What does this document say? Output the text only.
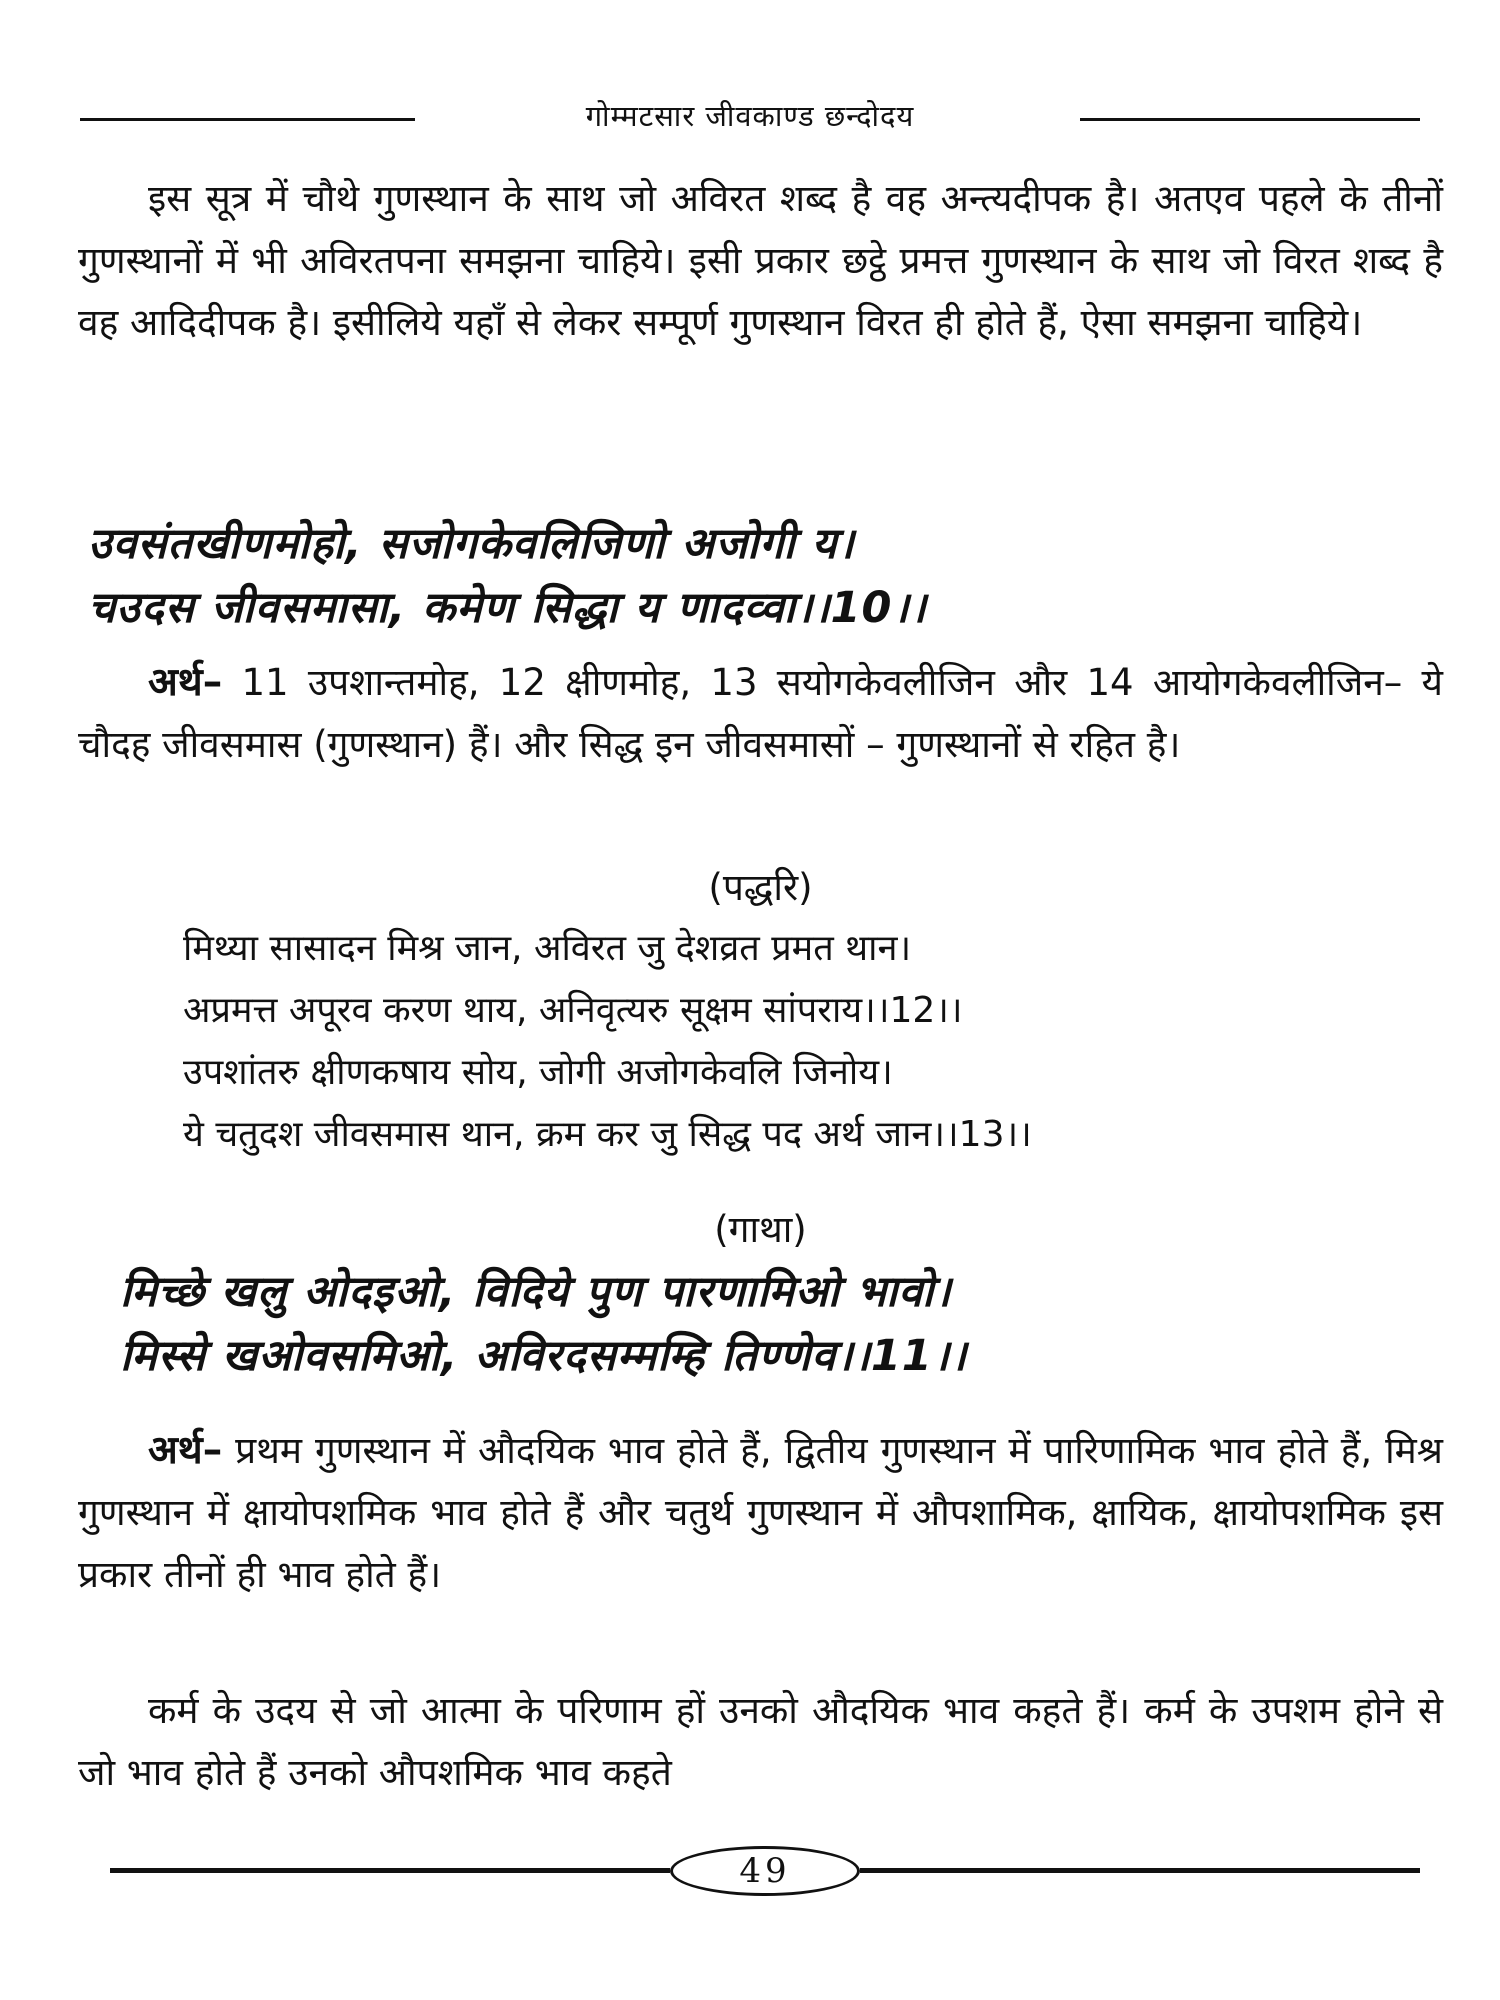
गोम्मटसार जीवकाण्ड छन्दोदय

इस सूत्र में चौथे गुणस्थान के साथ जो अविरत शब्द है वह अन्त्यदीपक है। अतएव पहले के तीनों गुणस्थानों में भी अविरतपना समझना चाहिये। इसी प्रकार छट्ठे प्रमत्त गुणस्थान के साथ जो विरत शब्द है वह आदिदीपक है। इसीलिये यहाँ से लेकर सम्पूर्ण गुणस्थान विरत ही होते हैं, ऐसा समझना चाहिये।

उवसंतखीणमोहो, सजोगकेवलिजिणो अजोगी य।

चउदस जीवसमासा, कमेण सिद्धा य णादव्वा।।10।।

अर्थ– 11 उपशान्तमोह, 12 क्षीणमोह, 13 सयोगकेवलीजिन और 14 आयोगकेवलीजिन– ये चौदह जीवसमास (गुणस्थान) हैं। और सिद्ध इन जीवसमासों – गुणस्थानों से रहित है।

(पद्धरि)

मिथ्या सासादन मिश्र जान, अविरत जु देशव्रत प्रमत थान।

अप्रमत्त अपूरव करण थाय, अनिवृत्यरु सूक्षम सांपराय।।12।।

उपशांतरु क्षीणकषाय सोय, जोगी अजोगकेवलि जिनोय।

ये चतुदश जीवसमास थान, क्रम कर जु सिद्ध पद अर्थ जान।।13।।

(गाथा)

मिच्छे खलु ओदइओ, विदिये पुण पारणामिओ भावो।

मिस्से खओवसमिओ, अविरदसम्मम्हि तिण्णेव।।11।।

अर्थ– प्रथम गुणस्थान में औदयिक भाव होते हैं, द्वितीय गुणस्थान में पारिणामिक भाव होते हैं, मिश्र गुणस्थान में क्षायोपशमिक भाव होते हैं और चतुर्थ गुणस्थान में औपशामिक, क्षायिक, क्षायोपशमिक इस प्रकार तीनों ही भाव होते हैं।

कर्म के उदय से जो आत्मा के परिणाम हों उनको औदयिक भाव कहते हैं। कर्म के उपशम होने से जो भाव होते हैं उनको औपशमिक भाव कहते

49
